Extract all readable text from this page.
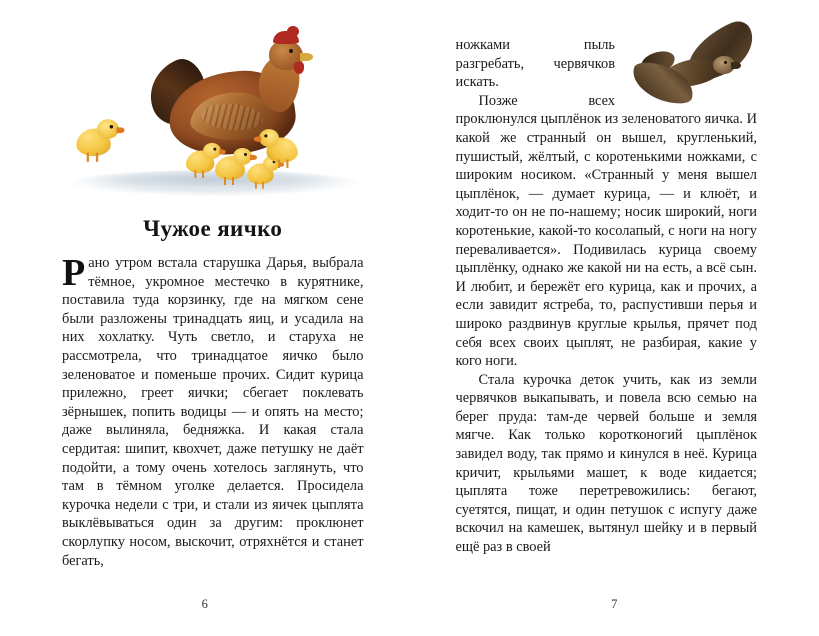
Чужое яичко

Рано утром встала старушка Дарья, выбрала тёмное, укромное местечко в курятнике, поставила туда корзинку, где на мягком сене были разложены тринадцать яиц, и усадила на них хохлатку. Чуть светло, и старуха не рассмотрела, что тринадцатое яичко было зеленоватое и поменьше прочих. Сидит курица прилежно, греет яички; сбегает поклевать зёрнышек, попить водицы — и опять на место; даже вылиняла, бедняжка. И какая стала сердитая: шипит, квохчет, даже петушку не даёт подойти, а тому очень хотелось заглянуть, что там в тёмном уголке делается. Просидела курочка недели с три, и стали из яичек цыплята выклёвываться один за другим: проклюнет скорлупку носом, выскочит, отряхнётся и станет бегать,

6

ножками пыль разгребать, червячков искать.

Позже всех проклюнулся цыплёнок из зеленоватого яичка. И какой же странный он вышел, кругленький, пушистый, жёлтый, с коротенькими ножками, с широким носиком. «Странный у меня вышел цыплёнок, — думает курица, — и клюёт, и ходит-то он не по-нашему; носик широкий, ноги коротенькие, какой-то косолапый, с ноги на ногу переваливается». Подивилась курица своему цыплёнку, однако же какой ни на есть, а всё сын. И любит, и бережёт его курица, как и прочих, а если завидит ястреба, то, распустивши перья и широко раздвинув круглые крылья, прячет под себя всех своих цыплят, не разбирая, какие у кого ноги.

Стала курочка деток учить, как из земли червячков выкапывать, и повела всю семью на берег пруда: там-де червей больше и земля мягче. Как только коротконогий цыплёнок завидел воду, так прямо и кинулся в неё. Курица кричит, крыльями машет, к воде кидается; цыплята тоже перетревожились: бегают, суетятся, пищат, и один петушок с испугу даже вскочил на камешек, вытянул шейку и в первый ещё раз в своей

7
